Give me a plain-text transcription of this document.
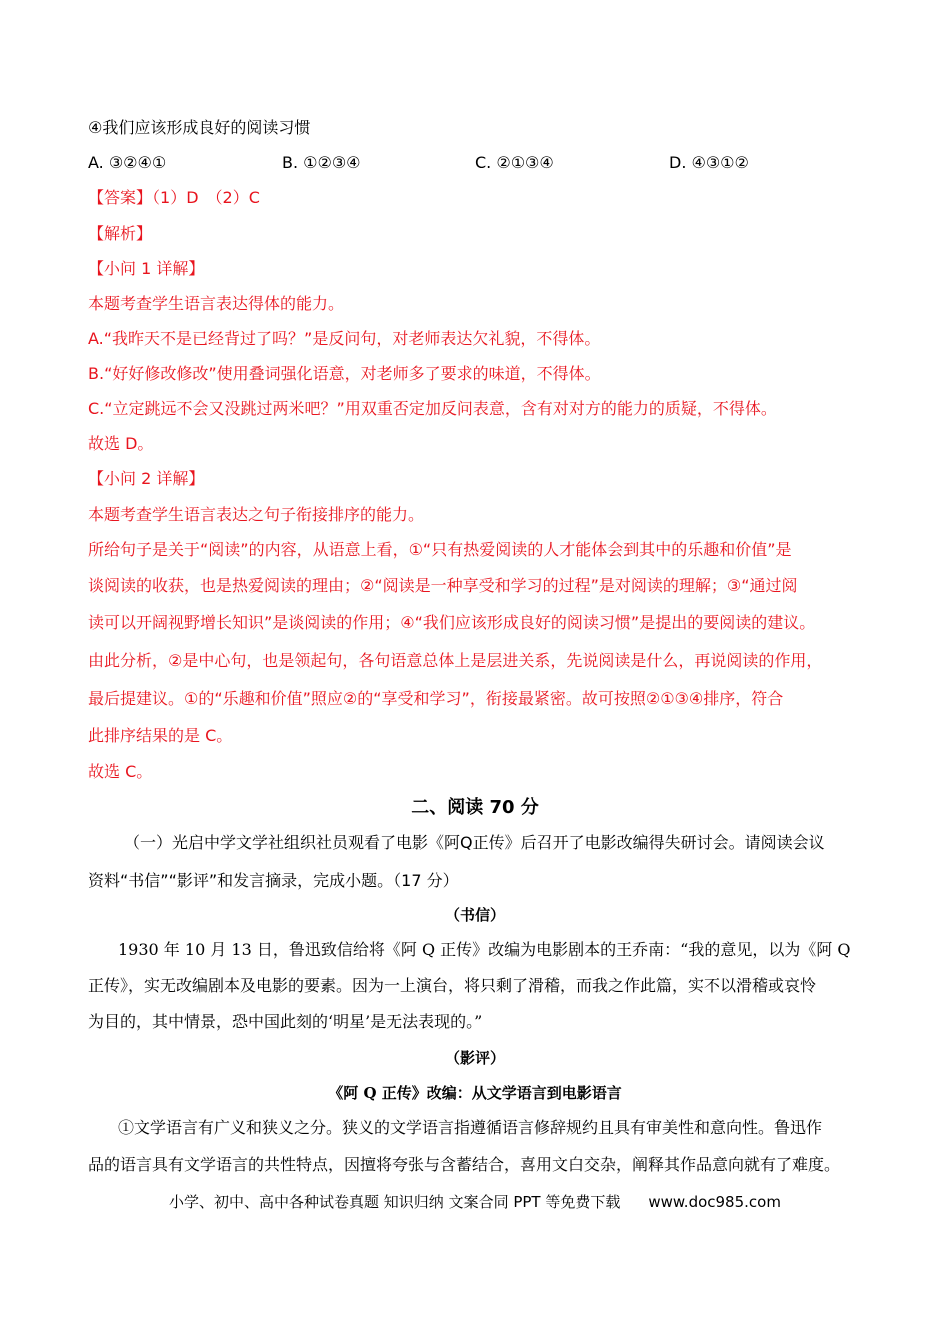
④我们应该形成良好的阅读习惯
A. ③②④①	B. ①②③④	C. ②①③④	D. ④③①②
【答案】（1）D　（2）C
【解析】
【小问 1 详解】
本题考查学生语言表达得体的能力。
A.“我昨天不是已经背过了吗？”是反问句，对老师表达欠礼貌，不得体。
B.“好好修改修改”使用叠词强化语意，对老师多了要求的味道，不得体。
C.“立定跳远不会又没跳过两米吧？”用双重否定加反问表意，含有对对方的能力的质疑，不得体。
故选 D。
【小问 2 详解】
本题考查学生语言表达之句子衔接排序的能力。
所给句子是关于“阅读”的内容，从语意上看，①“只有热爱阅读的人才能体会到其中的乐趣和价值”是
谈阅读的收获，也是热爱阅读的理由；②“阅读是一种享受和学习的过程”是对阅读的理解；③“通过阅
读可以开阔视野增长知识”是谈阅读的作用；④“我们应该形成良好的阅读习惯”是提出的要阅读的建议。
由此分析，②是中心句，也是领起句，各句语意总体上是层进关系，先说阅读是什么，再说阅读的作用，
最后提建议。①的“乐趣和价值”照应②的“享受和学习”，衔接最紧密。故可按照②①③④排序，符合
此排序结果的是 C。
故选 C。
二、阅读 70 分
（一）光启中学文学社组织社员观看了电影《阿Q正传》后召开了电影改编得失研讨会。请阅读会议
资料“书信”“影评”和发言摘录，完成小题。（17 分）
（书信）
1930 年 10 月 13 日，鲁迅致信给将《阿 Q 正传》改编为电影剧本的王乔南：“我的意见，以为《阿 Q
正传》，实无改编剧本及电影的要素。因为一上演台，将只剩了滑稽，而我之作此篇，实不以滑稽或哀怜
为目的，其中情景，恐中国此刻的‘明星’是无法表现的。”
（影评）
《阿 Q 正传》改编：从文学语言到电影语言
①文学语言有广义和狭义之分。狭义的文学语言指遵循语言修辞规约且具有审美性和意向性。鲁迅作
品的语言具有文学语言的共性特点，因擅将夸张与含蓄结合，喜用文白交杂，阐释其作品意向就有了难度。
小学、初中、高中各种试卷真题 知识归纳 文案合同 PPT 等免费下载 www.doc985.com
